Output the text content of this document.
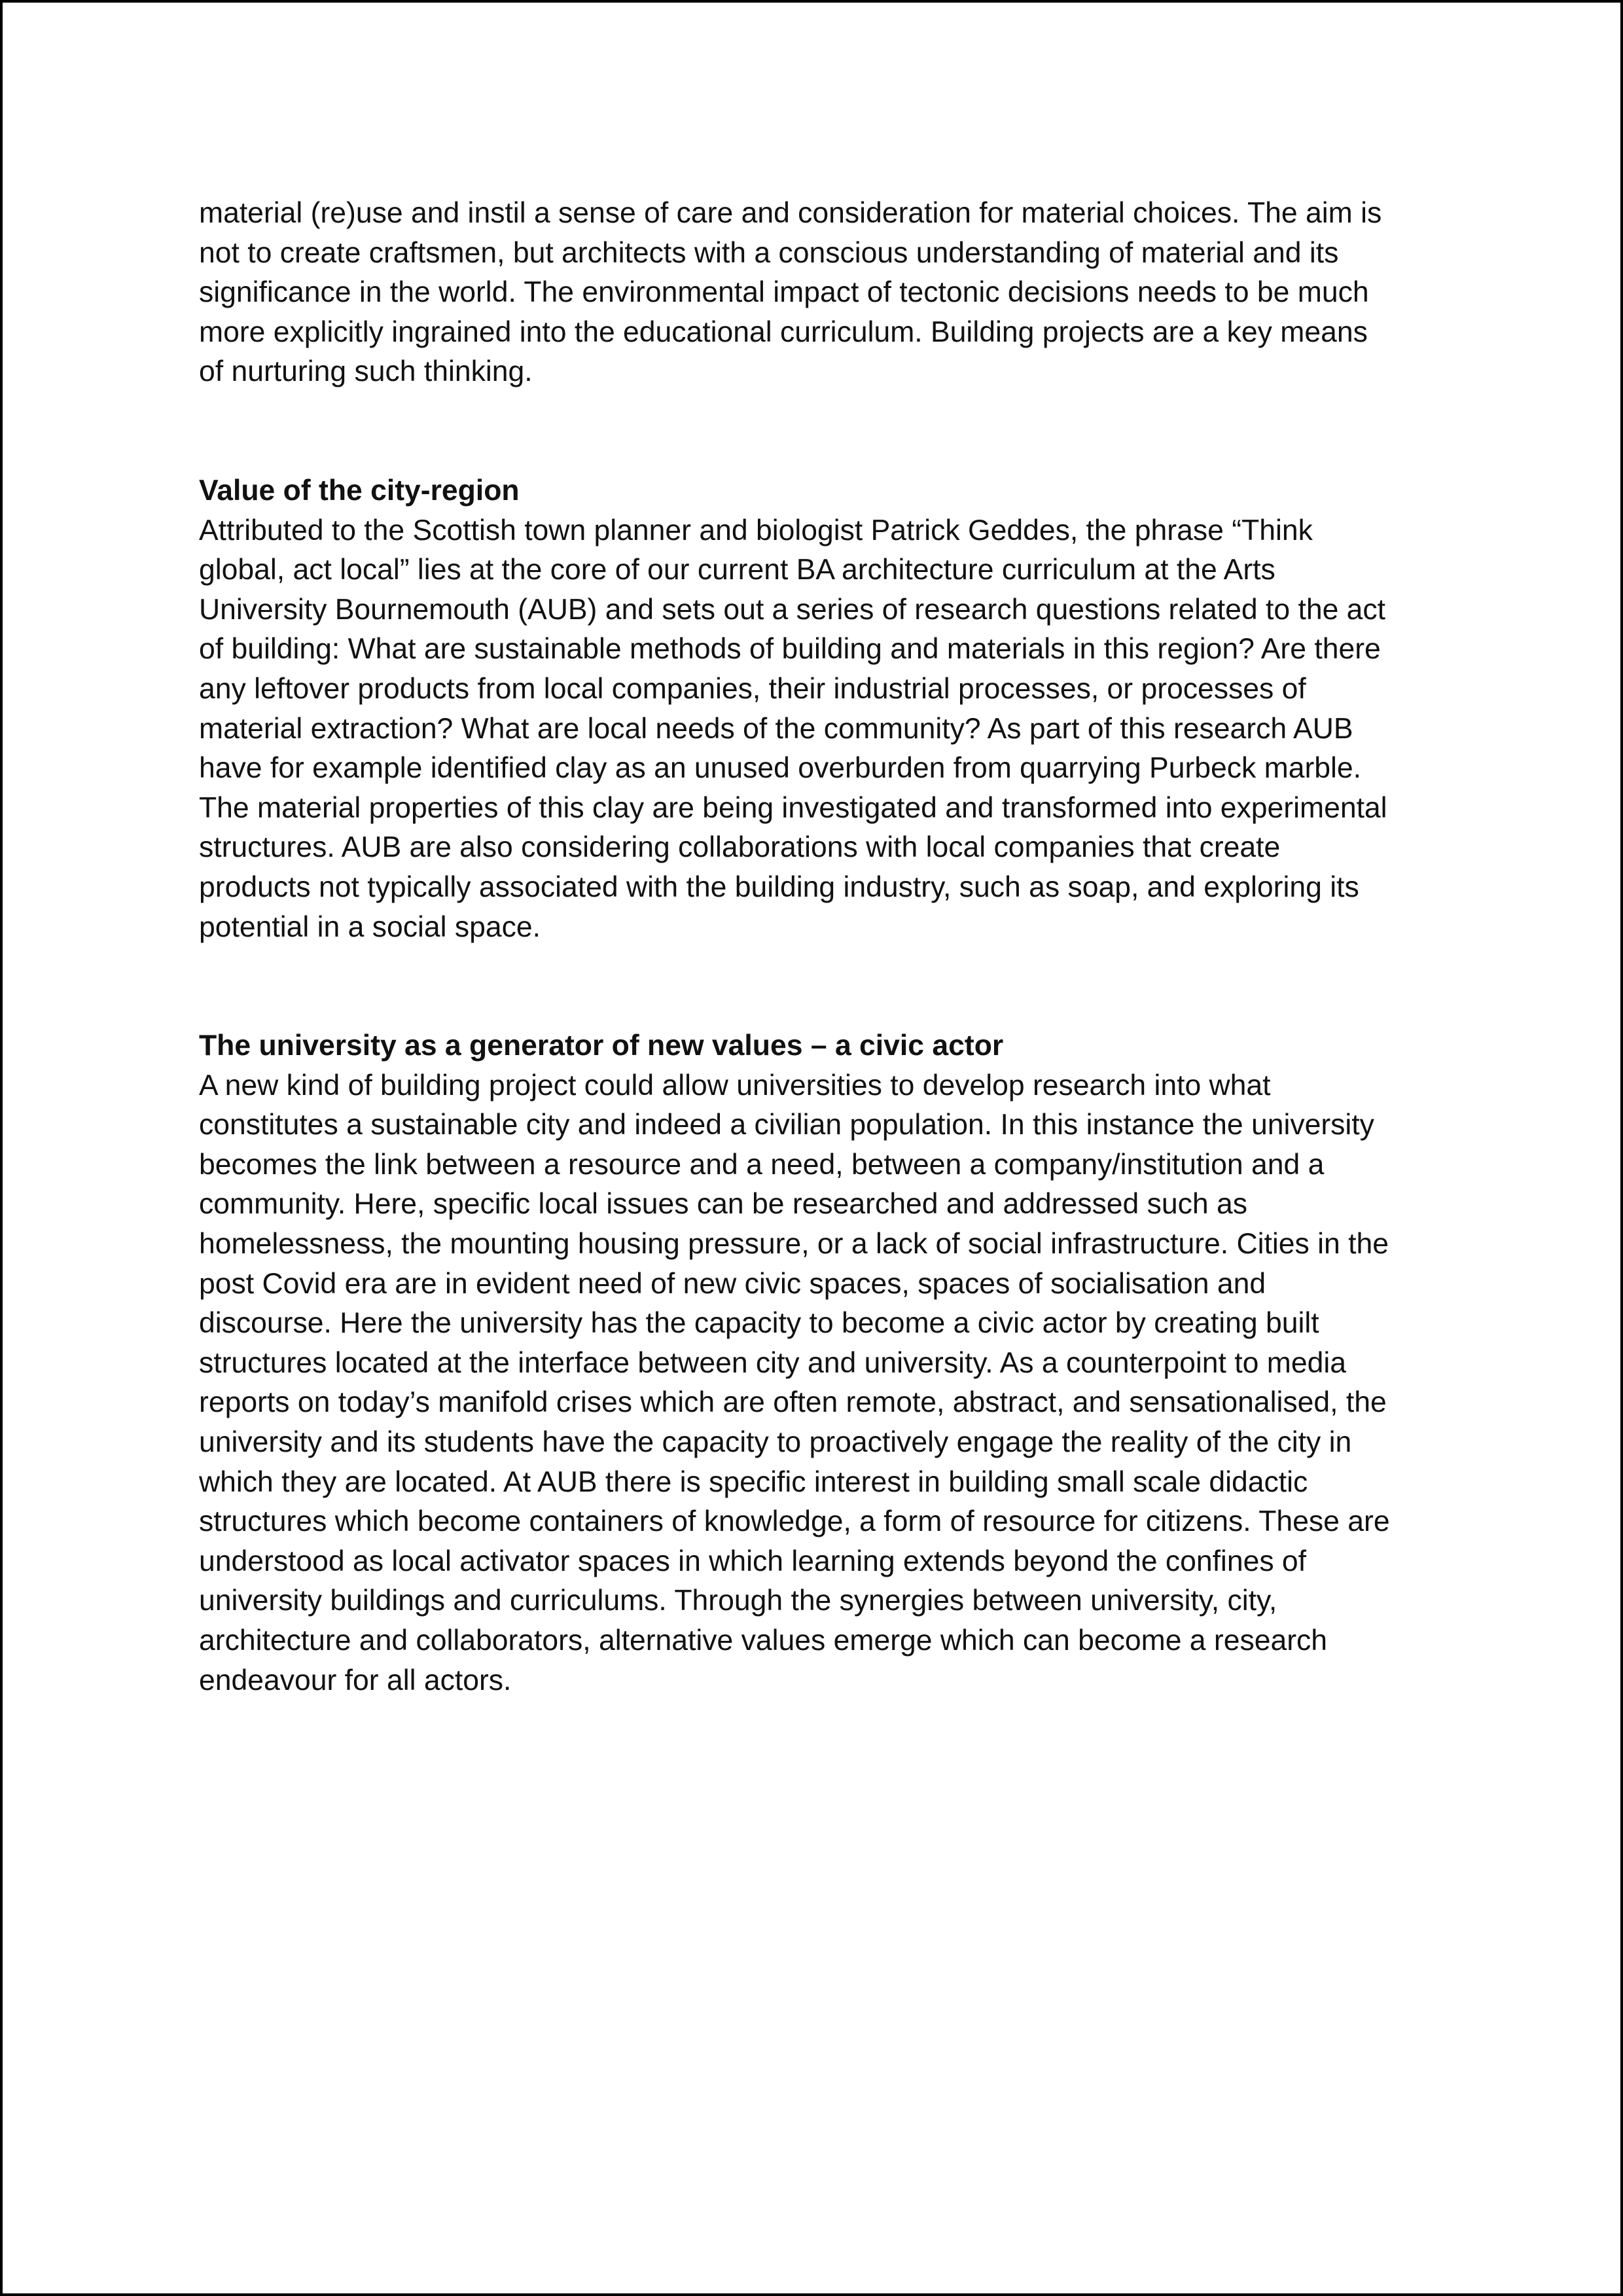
material (re)use and instil a sense of care and consideration for material choices. The aim is
not to create craftsmen, but architects with a conscious understanding of material and its
significance in the world. The environmental impact of tectonic decisions needs to be much
more explicitly ingrained into the educational curriculum. Building projects are a key means
of nurturing such thinking.

Value of the city-region

Attributed to the Scottish town planner and biologist Patrick Geddes, the phrase “Think
global, act local” lies at the core of our current BA architecture curriculum at the Arts
University Bournemouth (AUB) and sets out a series of research questions related to the act
of building: What are sustainable methods of building and materials in this region? Are there
any leftover products from local companies, their industrial processes, or processes of
material extraction? What are local needs of the community? As part of this research AUB
have for example identified clay as an unused overburden from quarrying Purbeck marble.
The material properties of this clay are being investigated and transformed into experimental
structures. AUB are also considering collaborations with local companies that create
products not typically associated with the building industry, such as soap, and exploring its
potential in a social space.

The university as a generator of new values – a civic actor

A new kind of building project could allow universities to develop research into what
constitutes a sustainable city and indeed a civilian population. In this instance the university
becomes the link between a resource and a need, between a company/institution and a
community. Here, specific local issues can be researched and addressed such as
homelessness, the mounting housing pressure, or a lack of social infrastructure. Cities in the
post Covid era are in evident need of new civic spaces, spaces of socialisation and
discourse. Here the university has the capacity to become a civic actor by creating built
structures located at the interface between city and university. As a counterpoint to media
reports on today’s manifold crises which are often remote, abstract, and sensationalised, the
university and its students have the capacity to proactively engage the reality of the city in
which they are located. At AUB there is specific interest in building small scale didactic
structures which become containers of knowledge, a form of resource for citizens. These are
understood as local activator spaces in which learning extends beyond the confines of
university buildings and curriculums. Through the synergies between university, city,
architecture and collaborators, alternative values emerge which can become a research
endeavour for all actors.
